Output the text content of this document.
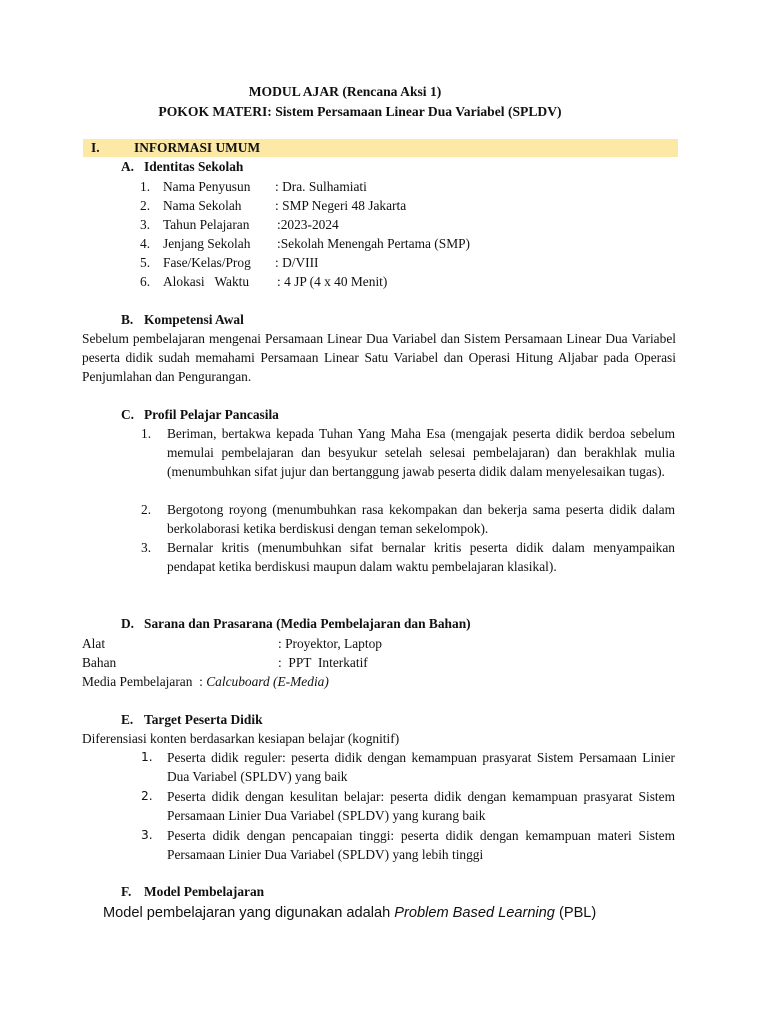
MODUL AJAR (Rencana Aksi 1)
POKOK MATERI: Sistem Persamaan Linear Dua Variabel (SPLDV)
I.	INFORMASI UMUM
A. Identitas Sekolah
1. Nama Penyusun : Dra. Sulhamiati
2. Nama Sekolah	: SMP Negeri 48 Jakarta
3. Tahun Pelajaran :2023-2024
4. Jenjang Sekolah :Sekolah Menengah Pertama (SMP)
5. Fase/Kelas/Prog : D/VIII
6. Alokasi   Waktu : 4 JP (4 x 40 Menit)
B. Kompetensi Awal
Sebelum pembelajaran mengenai Persamaan Linear Dua Variabel dan Sistem Persamaan Linear Dua Variabel peserta didik sudah memahami Persamaan Linear Satu Variabel dan Operasi Hitung Aljabar pada Operasi Penjumlahan dan Pengurangan.
C. Profil Pelajar Pancasila
1. Beriman, bertakwa kepada Tuhan Yang Maha Esa (mengajak peserta didik berdoa sebelum memulai pembelajaran dan besyukur setelah selesai pembelajaran) dan berakhlak mulia (menumbuhkan sifat jujur dan bertanggung jawab peserta didik dalam menyelesaikan tugas).
2. Bergotong royong (menumbuhkan rasa kekompakan dan bekerja sama peserta didik dalam berkolaborasi ketika berdiskusi dengan teman sekelompok).
3. Bernalar kritis (menumbuhkan sifat bernalar kritis peserta didik dalam menyampaikan pendapat ketika berdiskusi maupun dalam waktu pembelajaran klasikal).
D. Sarana dan Prasarana (Media Pembelajaran dan Bahan)
Alat	: Proyektor, Laptop
Bahan	:  PPT  Interkatif
Media Pembelajaran : Calcuboard (E-Media)
E. Target Peserta Didik
Diferensiasi konten berdasarkan kesiapan belajar (kognitif)
1. Peserta didik reguler: peserta didik dengan kemampuan prasyarat Sistem Persamaan Linier Dua Variabel (SPLDV) yang baik
2. Peserta didik dengan kesulitan belajar: peserta didik dengan kemampuan prasyarat Sistem Persamaan Linier Dua Variabel (SPLDV) yang kurang baik
3. Peserta didik dengan pencapaian tinggi: peserta didik dengan kemampuan materi Sistem Persamaan Linier Dua Variabel (SPLDV) yang lebih tinggi
F. Model Pembelajaran
Model pembelajaran yang digunakan adalah Problem Based Learning (PBL)
